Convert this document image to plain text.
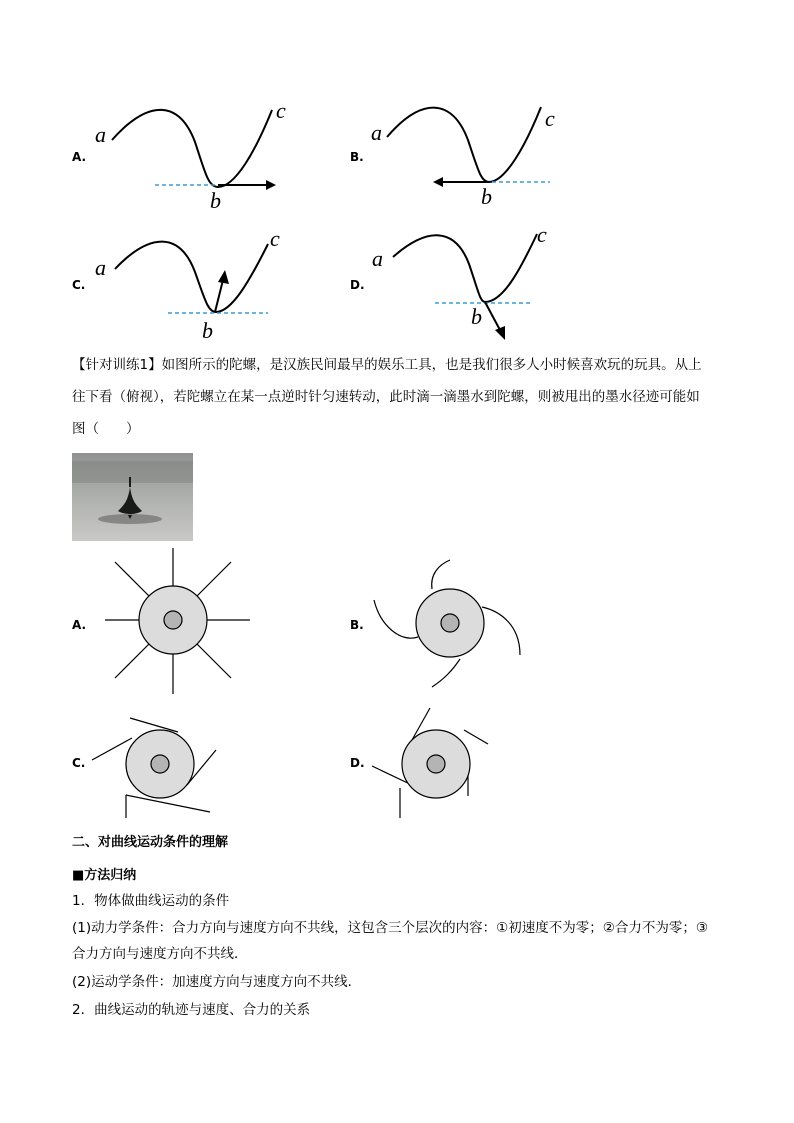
A.
a
b
c
B.
a
b
c
C.
a
b
c
D.
a
b
c
【针对训练1】如图所示的陀螺，是汉族民间最早的娱乐工具，也是我们很多人小时候喜欢玩的玩具。从上
往下看（俯视），若陀螺立在某一点逆时针匀速转动，此时滴一滴墨水到陀螺，则被甩出的墨水径迹可能如
图（　　）
A.	B.
C.	D.
二、对曲线运动条件的理解
■方法归纳
1．物体做曲线运动的条件
(1)动力学条件：合力方向与速度方向不共线，这包含三个层次的内容：①初速度不为零；②合力不为零；③
合力方向与速度方向不共线．
(2)运动学条件：加速度方向与速度方向不共线．
2．曲线运动的轨迹与速度、合力的关系
